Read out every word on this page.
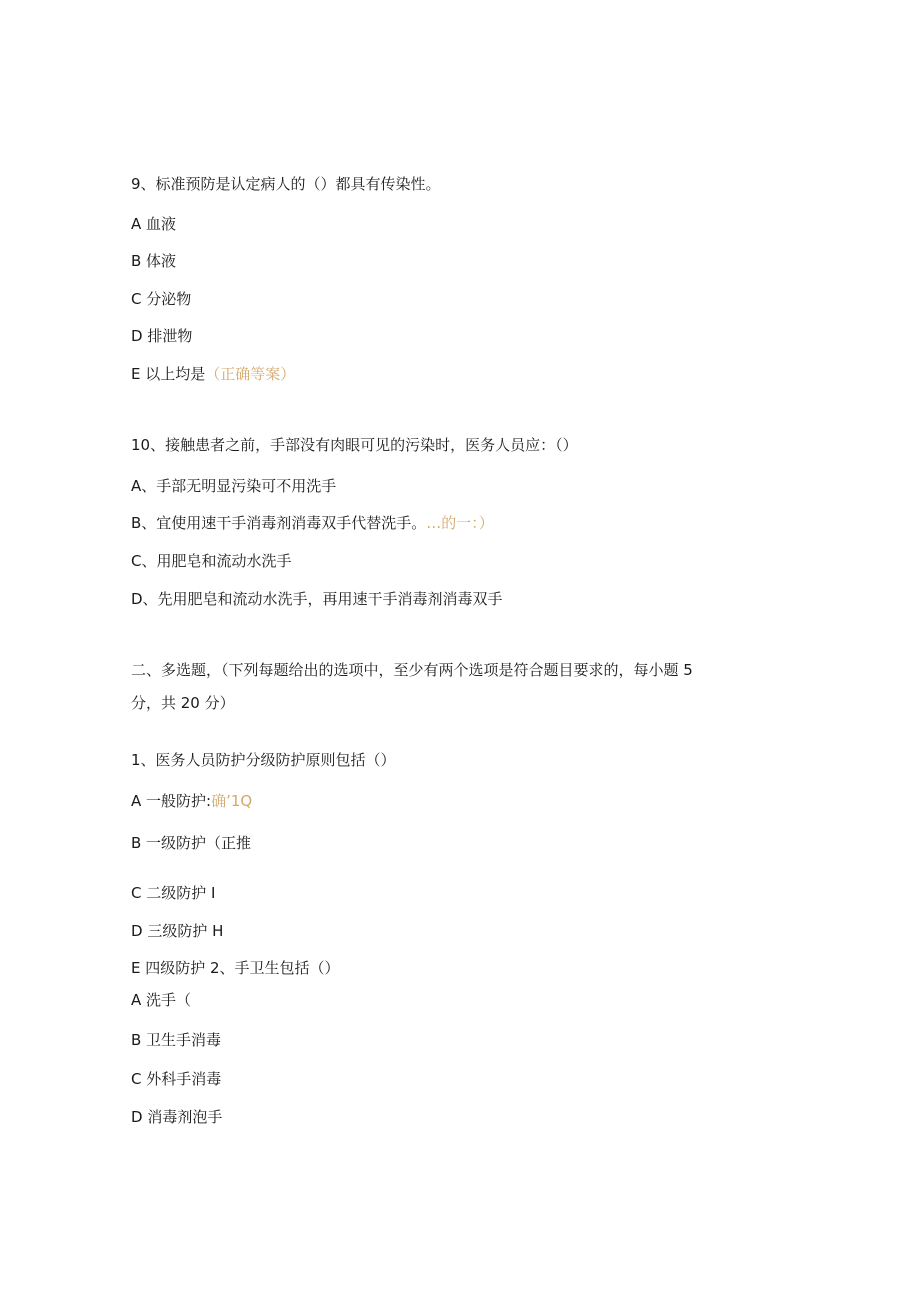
9、标准预防是认定病人的（）都具有传染性。
A 血液
B 体液
C 分泌物
D 排泄物
E 以上均是（正确等案）
10、接触患者之前，手部没有肉眼可见的污染时，医务人员应：（）
A、手部无明显污染可不用洗手
B、宜使用速干手消毒剂消毒双手代替洗手。…的一：）
C、用肥皂和流动水洗手
D、先用肥皂和流动水洗手，再用速干手消毒剂消毒双手
二、多选题，（下列每题给出的选项中，至少有两个选项是符合题目要求的，每小题 5
分，共 20 分）
1、医务人员防护分级防护原则包括（）
A 一般防护:确’1Q
B 一级防护（正推
C 二级防护 I
D 三级防护 H
E 四级防护 2、手卫生包括（）
A 洗手（
B 卫生手消毒
C 外科手消毒
D 消毒剂泡手
